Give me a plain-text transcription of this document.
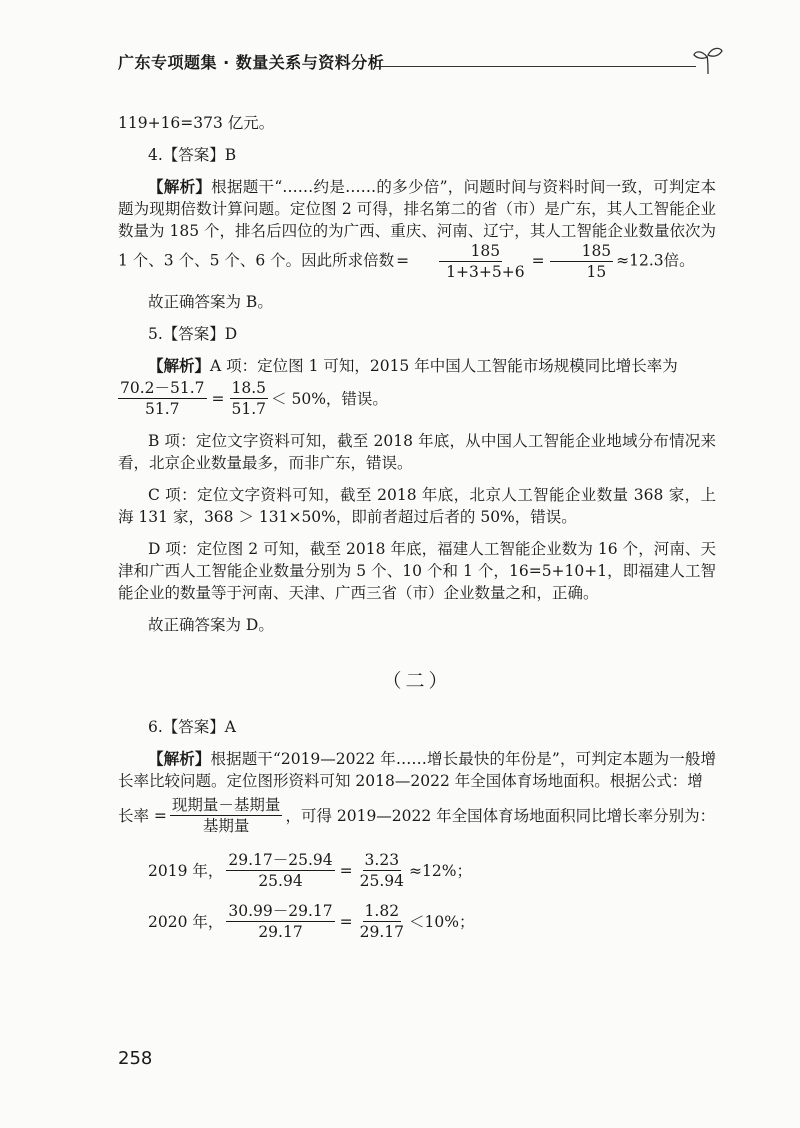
广东专项题集 · 数量关系与资料分析

119+16=373 亿元。

4.【答案】B

【解析】根据题干“……约是……的多少倍”，问题时间与资料时间一致，可判定本题为现期倍数计算问题。定位图 2 可得，排名第二的省（市）是广东，其人工智能企业数量为 185 个，排名后四位的为广西、重庆、河南、辽宁，其人工智能企业数量依次为 1 个、3 个、5 个、6 个。因此所求倍数 = $\frac{185}{1+3+5+6} = \frac{185}{15} \approx 12.3$倍。

故正确答案为 B。

5.【答案】D

【解析】A 项：定位图 1 可知，2015 年中国人工智能市场规模同比增长率为

$\frac{70.2-51.7}{51.7} = \frac{18.5}{51.7} < 50\%$，错误。

B 项：定位文字资料可知，截至 2018 年底，从中国人工智能企业地域分布情况来看，北京企业数量最多，而非广东，错误。

C 项：定位文字资料可知，截至 2018 年底，北京人工智能企业数量 368 家，上海 131 家，368 ＞ 131×50%，即前者超过后者的 50%，错误。

D 项：定位图 2 可知，截至 2018 年底，福建人工智能企业数为 16 个，河南、天津和广西人工智能企业数量分别为 5 个、10 个和 1 个，16=5+10+1，即福建人工智能企业的数量等于河南、天津、广西三省（市）企业数量之和，正确。

故正确答案为 D。

（二）

6.【答案】A

【解析】根据题干“2019—2022 年……增长最快的年份是”，可判定本题为一般增长率比较问题。定位图形资料可知 2018—2022 年全国体育场地面积。根据公式：增

长率 = $\frac{\text{现期量－基期量}}{\text{基期量}}$ ，可得 2019—2022 年全国体育场地面积同比增长率分别为：
2019 年， $\frac{29.17-25.94}{25.94} = \frac{3.23}{25.94} \approx 12\%$；
2020 年， $\frac{30.99-29.17}{29.17} = \frac{1.82}{29.17} <10\%$；
258
